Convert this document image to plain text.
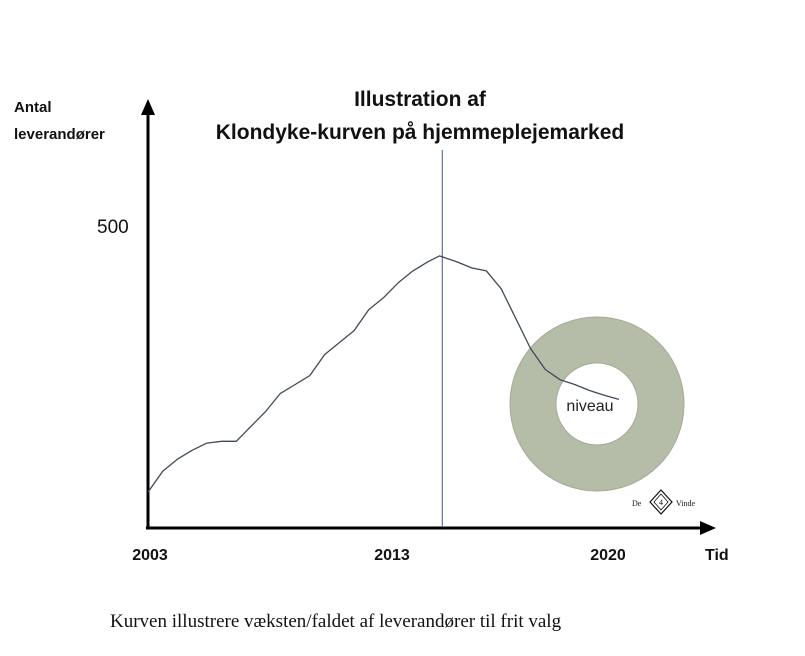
Illustration af
Klondyke-kurven på hjemmeplejemarked
Antal
leverandører
500
2003	2013	2020	Tid
niveau
De 4 Vinde
Kurven illustrere væksten/faldet af leverandører til frit valg
